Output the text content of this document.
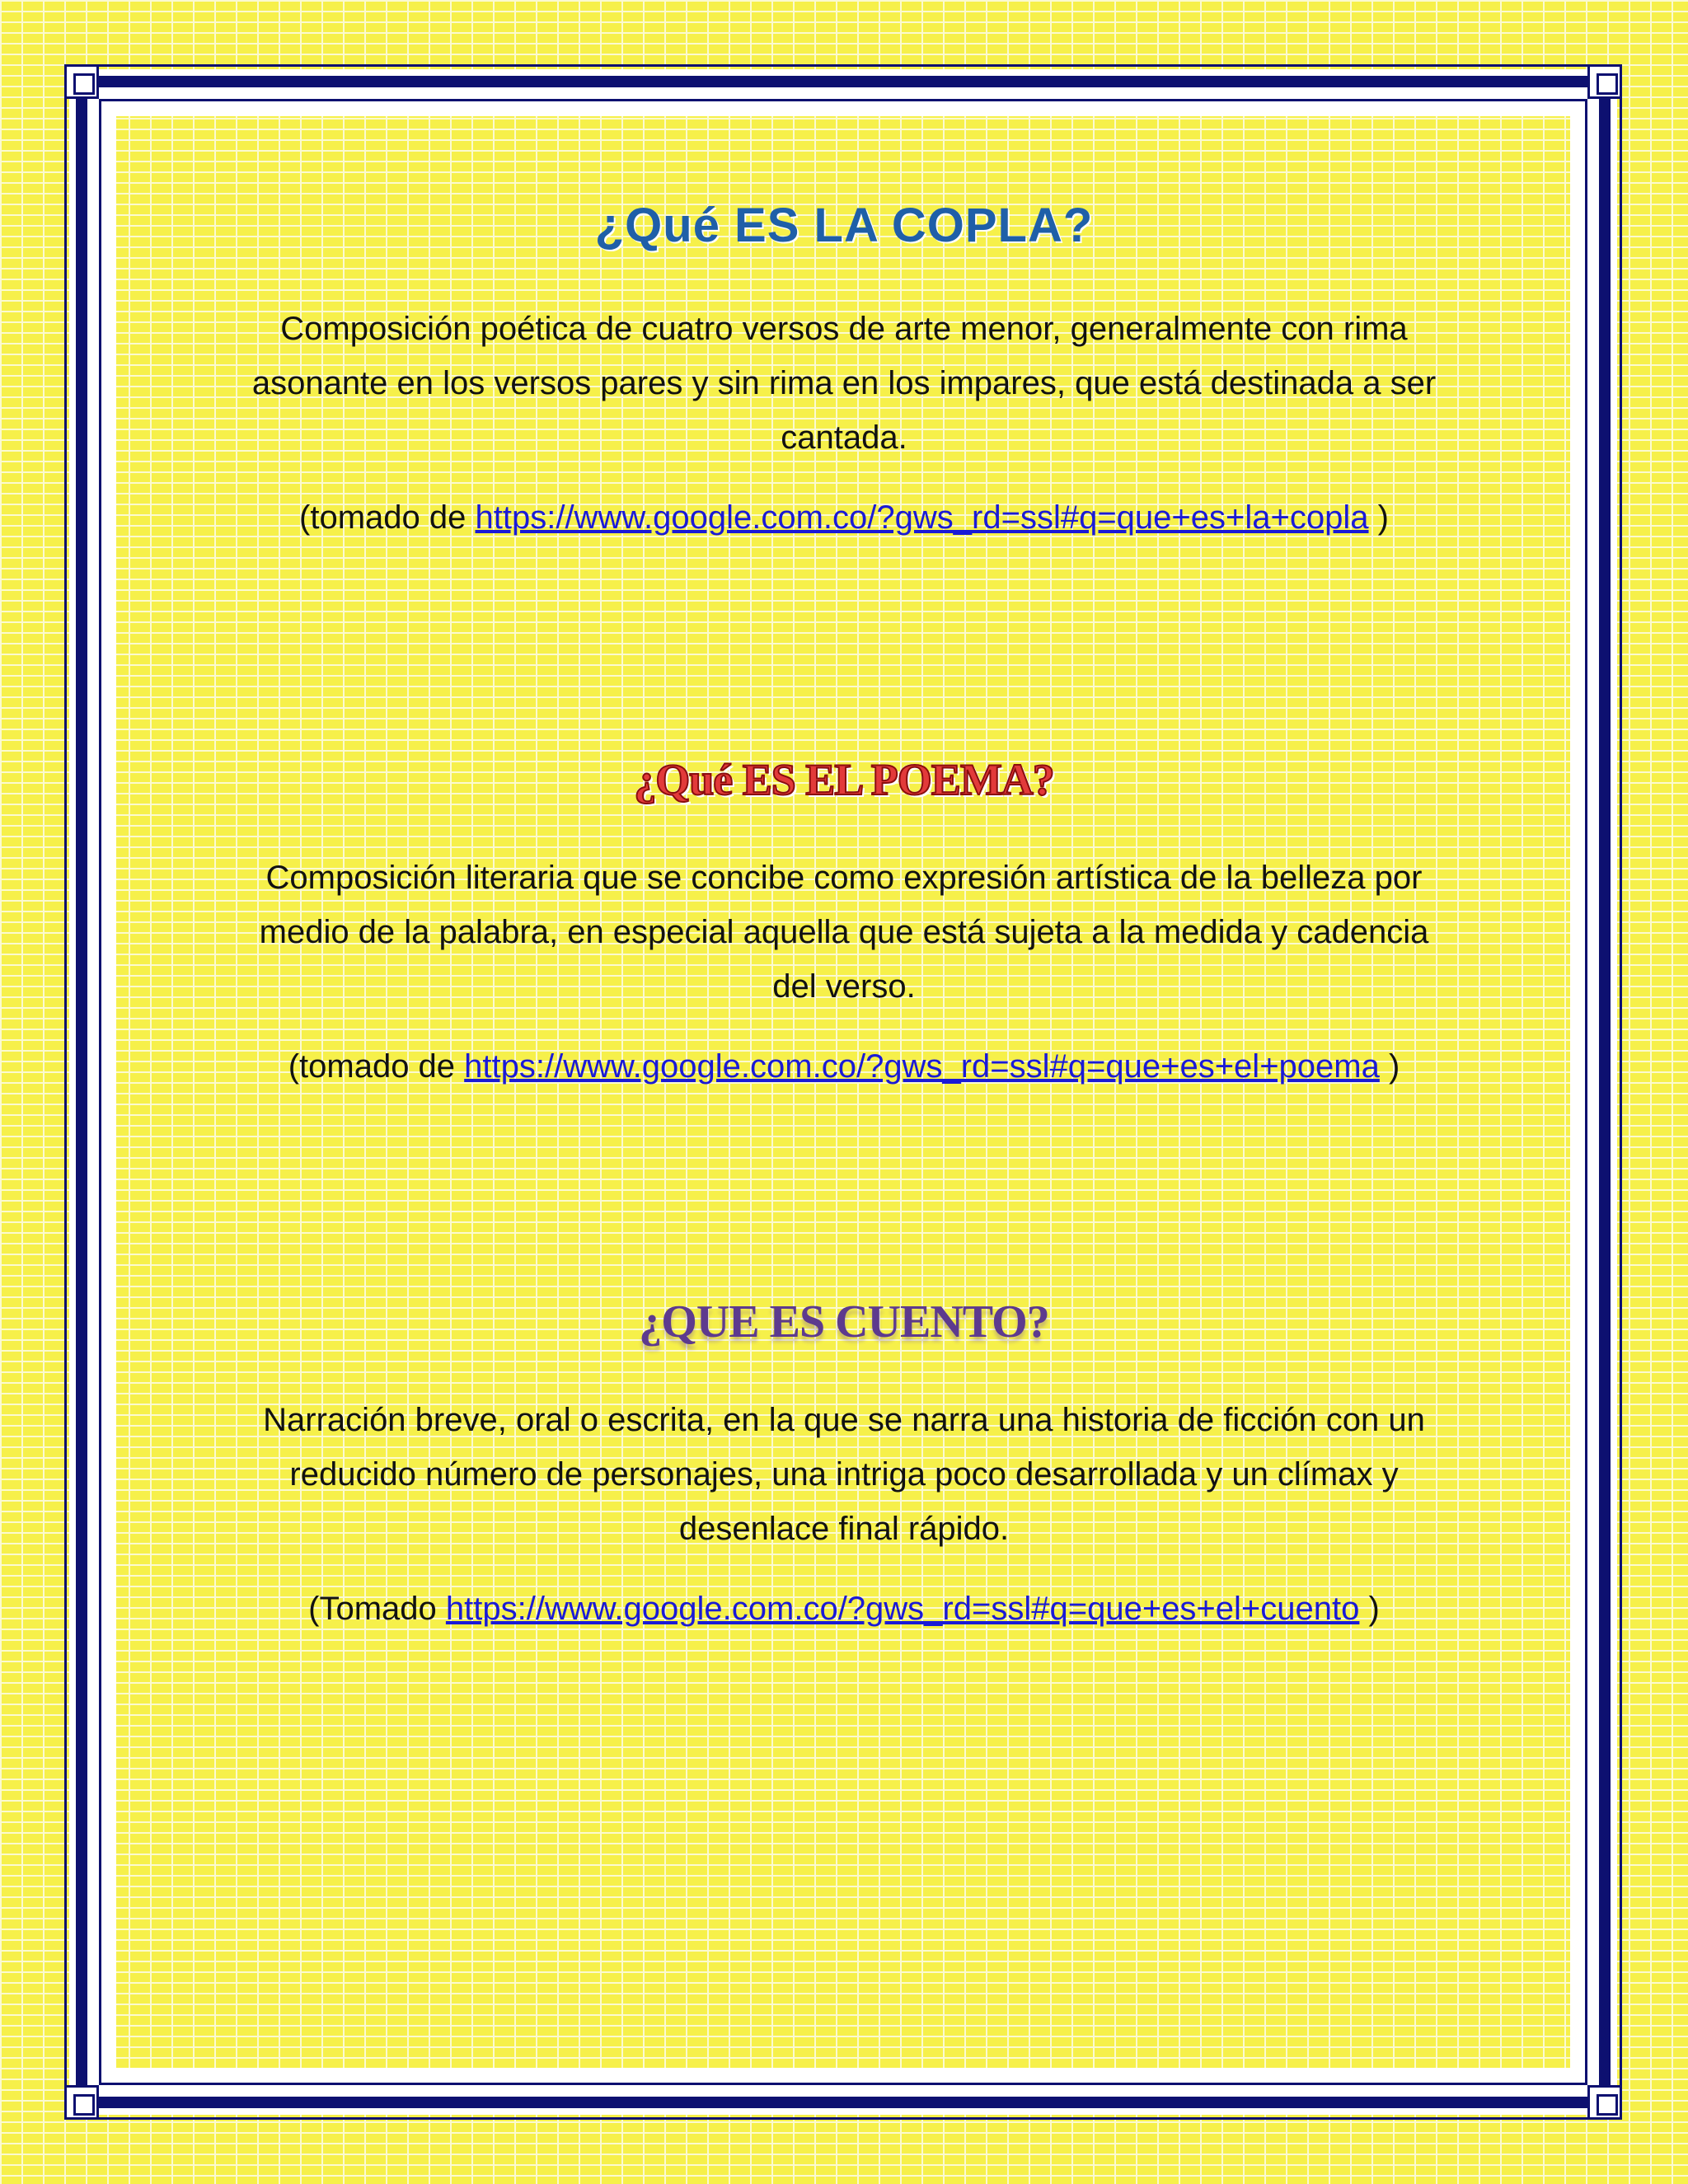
¿Qué ES LA COPLA?
Composición poética de cuatro versos de arte menor, generalmente con rima asonante en los versos pares y sin rima en los impares, que está destinada a ser cantada.
(tomado de https://www.google.com.co/?gws_rd=ssl#q=que+es+la+copla )
¿Qué ES EL POEMA?
Composición literaria que se concibe como expresión artística de la belleza por medio de la palabra, en especial aquella que está sujeta a la medida y cadencia del verso.
(tomado de https://www.google.com.co/?gws_rd=ssl#q=que+es+el+poema )
¿QUE ES CUENTO?
Narración breve, oral o escrita, en la que se narra una historia de ficción con un reducido número de personajes, una intriga poco desarrollada y un clímax y desenlace final rápido.
(Tomado https://www.google.com.co/?gws_rd=ssl#q=que+es+el+cuento )
